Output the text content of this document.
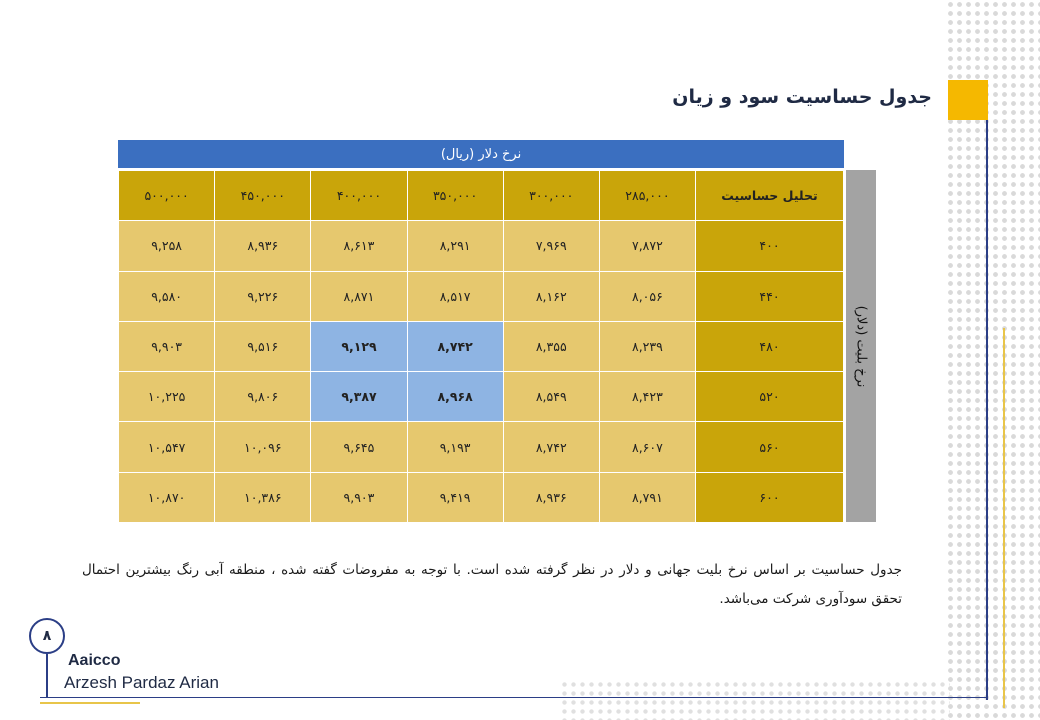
جدول حساسیت سود و زیان
نرخ دلار (ریال)
نرخ بلیت (دلار)
تحلیل حساسیت	۲۸۵,۰۰۰	۳۰۰,۰۰۰	۳۵۰,۰۰۰	۴۰۰,۰۰۰	۴۵۰,۰۰۰	۵۰۰,۰۰۰
۴۰۰	۷,۸۷۲	۷,۹۶۹	۸,۲۹۱	۸,۶۱۳	۸,۹۳۶	۹,۲۵۸
۴۴۰	۸,۰۵۶	۸,۱۶۲	۸,۵۱۷	۸,۸۷۱	۹,۲۲۶	۹,۵۸۰
۴۸۰	۸,۲۳۹	۸,۳۵۵	۸,۷۴۲	۹,۱۲۹	۹,۵۱۶	۹,۹۰۳
۵۲۰	۸,۴۲۳	۸,۵۴۹	۸,۹۶۸	۹,۳۸۷	۹,۸۰۶	۱۰,۲۲۵
۵۶۰	۸,۶۰۷	۸,۷۴۲	۹,۱۹۳	۹,۶۴۵	۱۰,۰۹۶	۱۰,۵۴۷
۶۰۰	۸,۷۹۱	۸,۹۳۶	۹,۴۱۹	۹,۹۰۳	۱۰,۳۸۶	۱۰,۸۷۰

جدول حساسیت بر اساس نرخ بلیت جهانی و دلار در نظر گرفته شده است. با توجه به مفروضات گفته شده ، منطقه آبی رنگ بیشترین احتمال تحقق سودآوری شرکت می‌باشد.

۸
Aaicco
Arzesh Pardaz Arian
